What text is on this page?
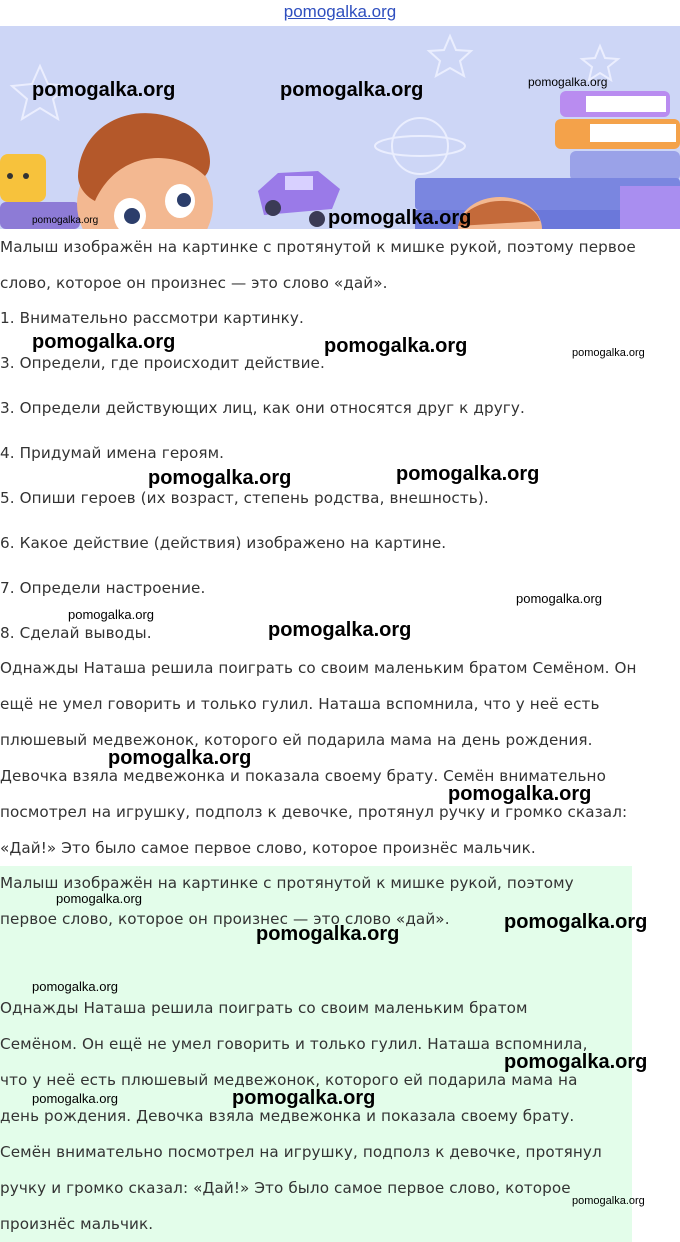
pomogalka.org
Малыш изображён на картинке с протянутой к мишке рукой, поэтому первое
слово, которое он произнес — это слово «дай».
1. Внимательно рассмотри картинку.
3. Определи, где происходит действие.
3. Определи действующих лиц, как они относятся друг к другу.
4. Придумай имена героям.
5. Опиши героев (их возраст, степень родства, внешность).
6. Какое действие (действия) изображено на картине.
7. Определи настроение.
8. Сделай выводы.
Однажды Наташа решила поиграть со своим маленьким братом Семёном. Он
ещё не умел говорить и только гулил. Наташа вспомнила, что у неё есть
плюшевый медвежонок, которого ей подарила мама на день рождения.
Девочка взяла медвежонка и показала своему брату. Семён внимательно
посмотрел на игрушку, подполз к девочке, протянул ручку и громко сказал:
«Дай!» Это было самое первое слово, которое произнёс мальчик.
Малыш изображён на картинке с протянутой к мишке рукой, поэтому
первое слово, которое он произнес — это слово «дай».
Однажды Наташа решила поиграть со своим маленьким братом
Семёном. Он ещё не умел говорить и только гулил. Наташа вспомнила,
что у неё есть плюшевый медвежонок, которого ей подарила мама на
день рождения. Девочка взяла медвежонка и показала своему брату.
Семён внимательно посмотрел на игрушку, подполз к девочке, протянул
ручку и громко сказал: «Дай!» Это было самое первое слово, которое
произнёс мальчик.
pomogalka.org	pomogalka.org	pomogalka.org
pomogalka.org	pomogalka.org
pomogalka.org	pomogalka.org	pomogalka.org
pomogalka.org	pomogalka.org
pomogalka.org
pomogalka.org
pomogalka.org
pomogalka.org
pomogalka.org
pomogalka.org
pomogalka.org
pomogalka.org
pomogalka.org
pomogalka.org
pomogalka.org	pomogalka.org
pomogalka.org
